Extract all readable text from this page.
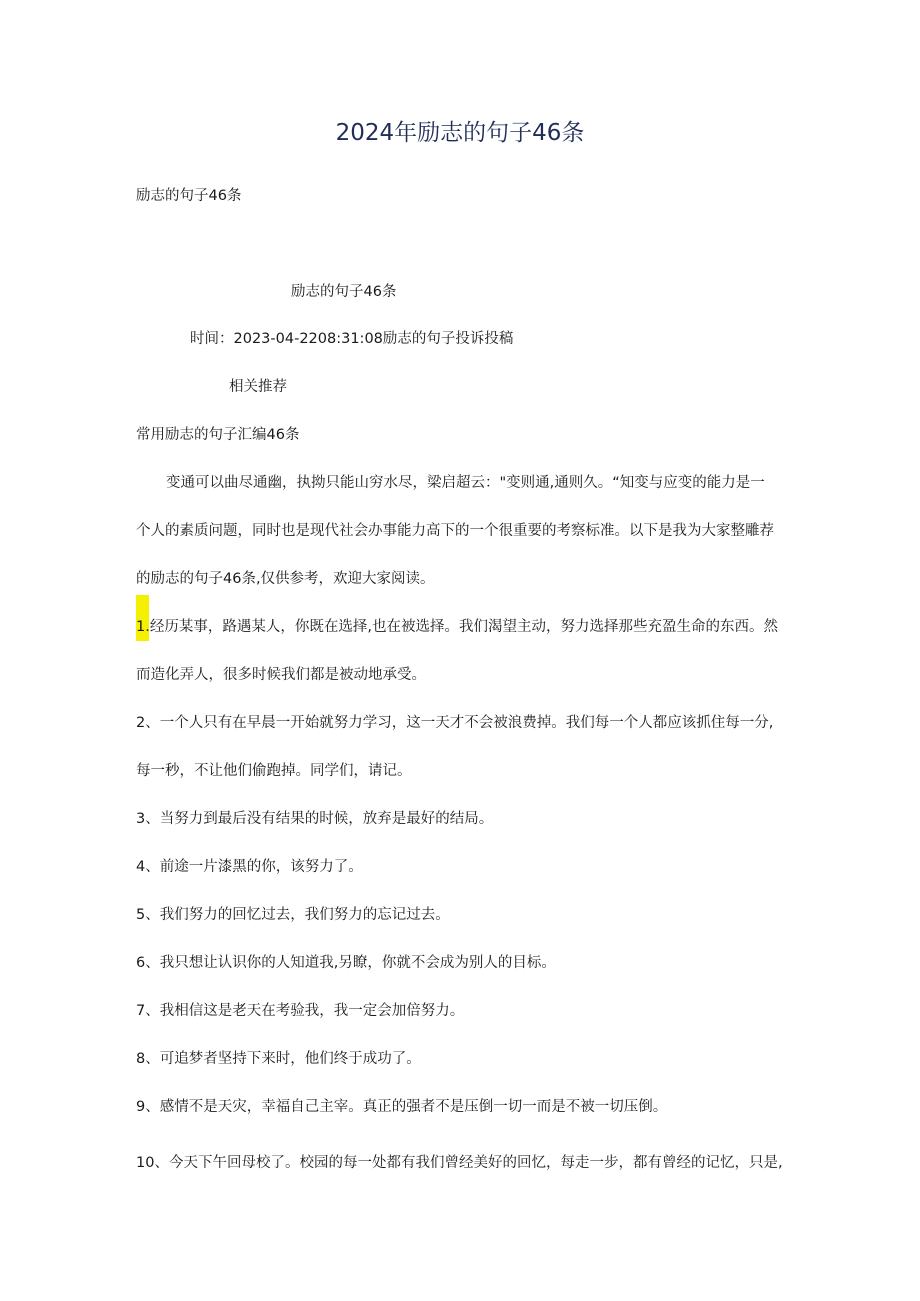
2024年励志的句子46条
励志的句子46条
励志的句子46条
时间：2023-04-2208:31:08励志的句子投诉投稿
相关推荐
常用励志的句子汇编46条
变通可以曲尽通幽，执拗只能山穷水尽，梁启超云："变则通,通则久。“知变与应变的能力是一
个人的素质问题，同时也是现代社会办事能力高下的一个很重要的考察标准。以下是我为大家整雕荐
的励志的句子46条,仅供参考，欢迎大家阅读。
1.经历某事，路遇某人，你既在选择,也在被选择。我们渴望主动，努力选择那些充盈生命的东西。然
而造化弄人，很多时候我们都是被动地承受。
2、一个人只有在早晨一开始就努力学习，这一天才不会被浪费掉。我们每一个人都应该抓住每一分,
每一秒，不让他们偷跑掉。同学们，请记。
3、当努力到最后没有结果的时候，放弃是最好的结局。
4、前途一片漆黑的你，该努力了。
5、我们努力的回忆过去，我们努力的忘记过去。
6、我只想让认识你的人知道我,另瞭，你就不会成为别人的目标。
7、我相信这是老天在考验我，我一定会加倍努力。
8、可追梦者坚持下来时，他们终于成功了。
9、感情不是天灾，幸福自己主宰。真正的强者不是压倒一切一而是不被一切压倒。
10、今天下午回母校了。校园的每一处都有我们曾经美好的回忆，每走一步，都有曾经的记忆，只是,
